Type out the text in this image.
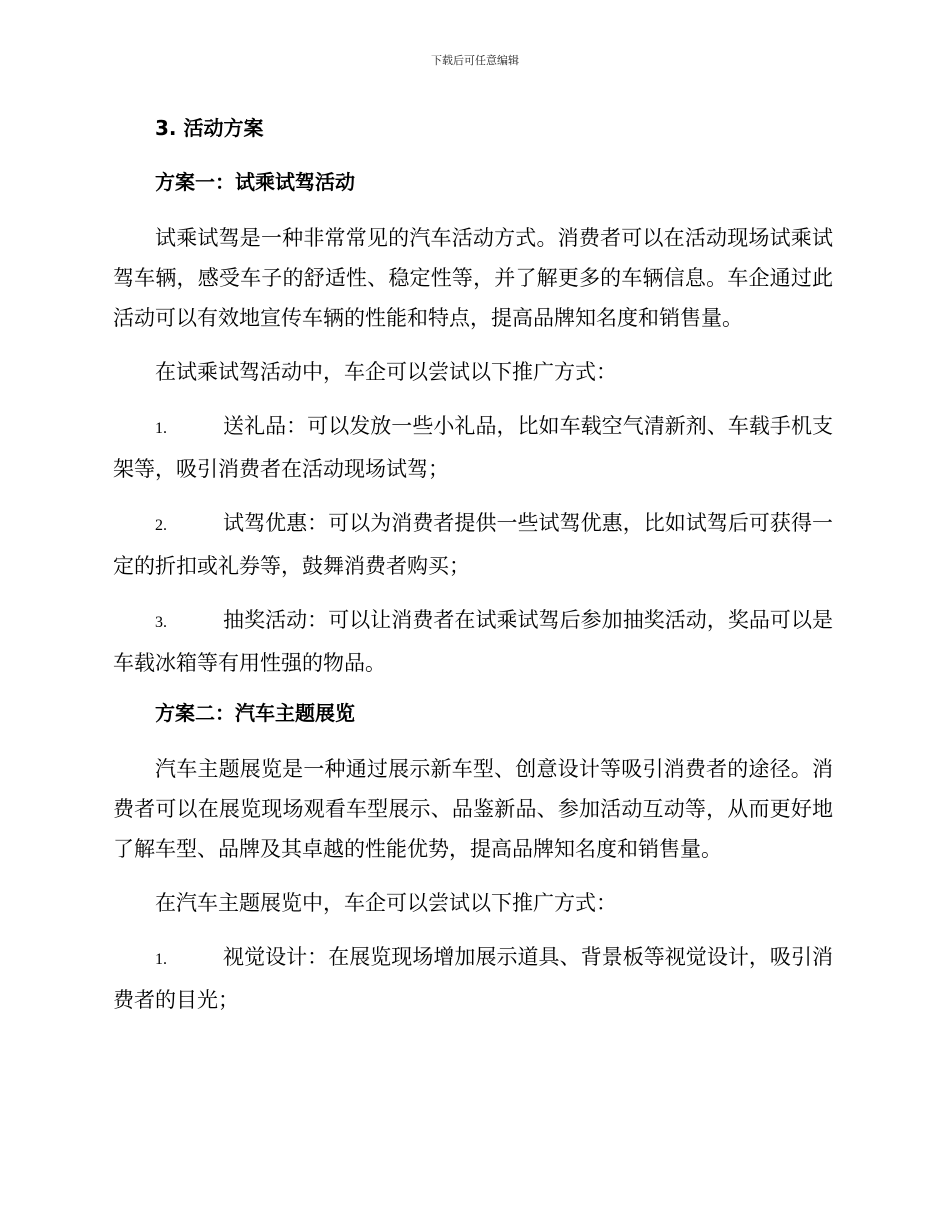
下载后可任意编辑
3. 活动方案
方案一：试乘试驾活动

试乘试驾是一种非常常见的汽车活动方式。消费者可以在活动现场试乘试驾车辆，感受车子的舒适性、稳定性等，并了解更多的车辆信息。车企通过此活动可以有效地宣传车辆的性能和特点，提高品牌知名度和销售量。

在试乘试驾活动中，车企可以尝试以下推广方式：

1.	送礼品：可以发放一些小礼品，比如车载空气清新剂、车载手机支架等，吸引消费者在活动现场试驾；

2.	试驾优惠：可以为消费者提供一些试驾优惠，比如试驾后可获得一定的折扣或礼券等，鼓舞消费者购买；

3.	抽奖活动：可以让消费者在试乘试驾后参加抽奖活动，奖品可以是车载冰箱等有用性强的物品。

方案二：汽车主题展览

汽车主题展览是一种通过展示新车型、创意设计等吸引消费者的途径。消费者可以在展览现场观看车型展示、品鉴新品、参加活动互动等，从而更好地了解车型、品牌及其卓越的性能优势，提高品牌知名度和销售量。

在汽车主题展览中，车企可以尝试以下推广方式：

1.	视觉设计：在展览现场增加展示道具、背景板等视觉设计，吸引消费者的目光；
